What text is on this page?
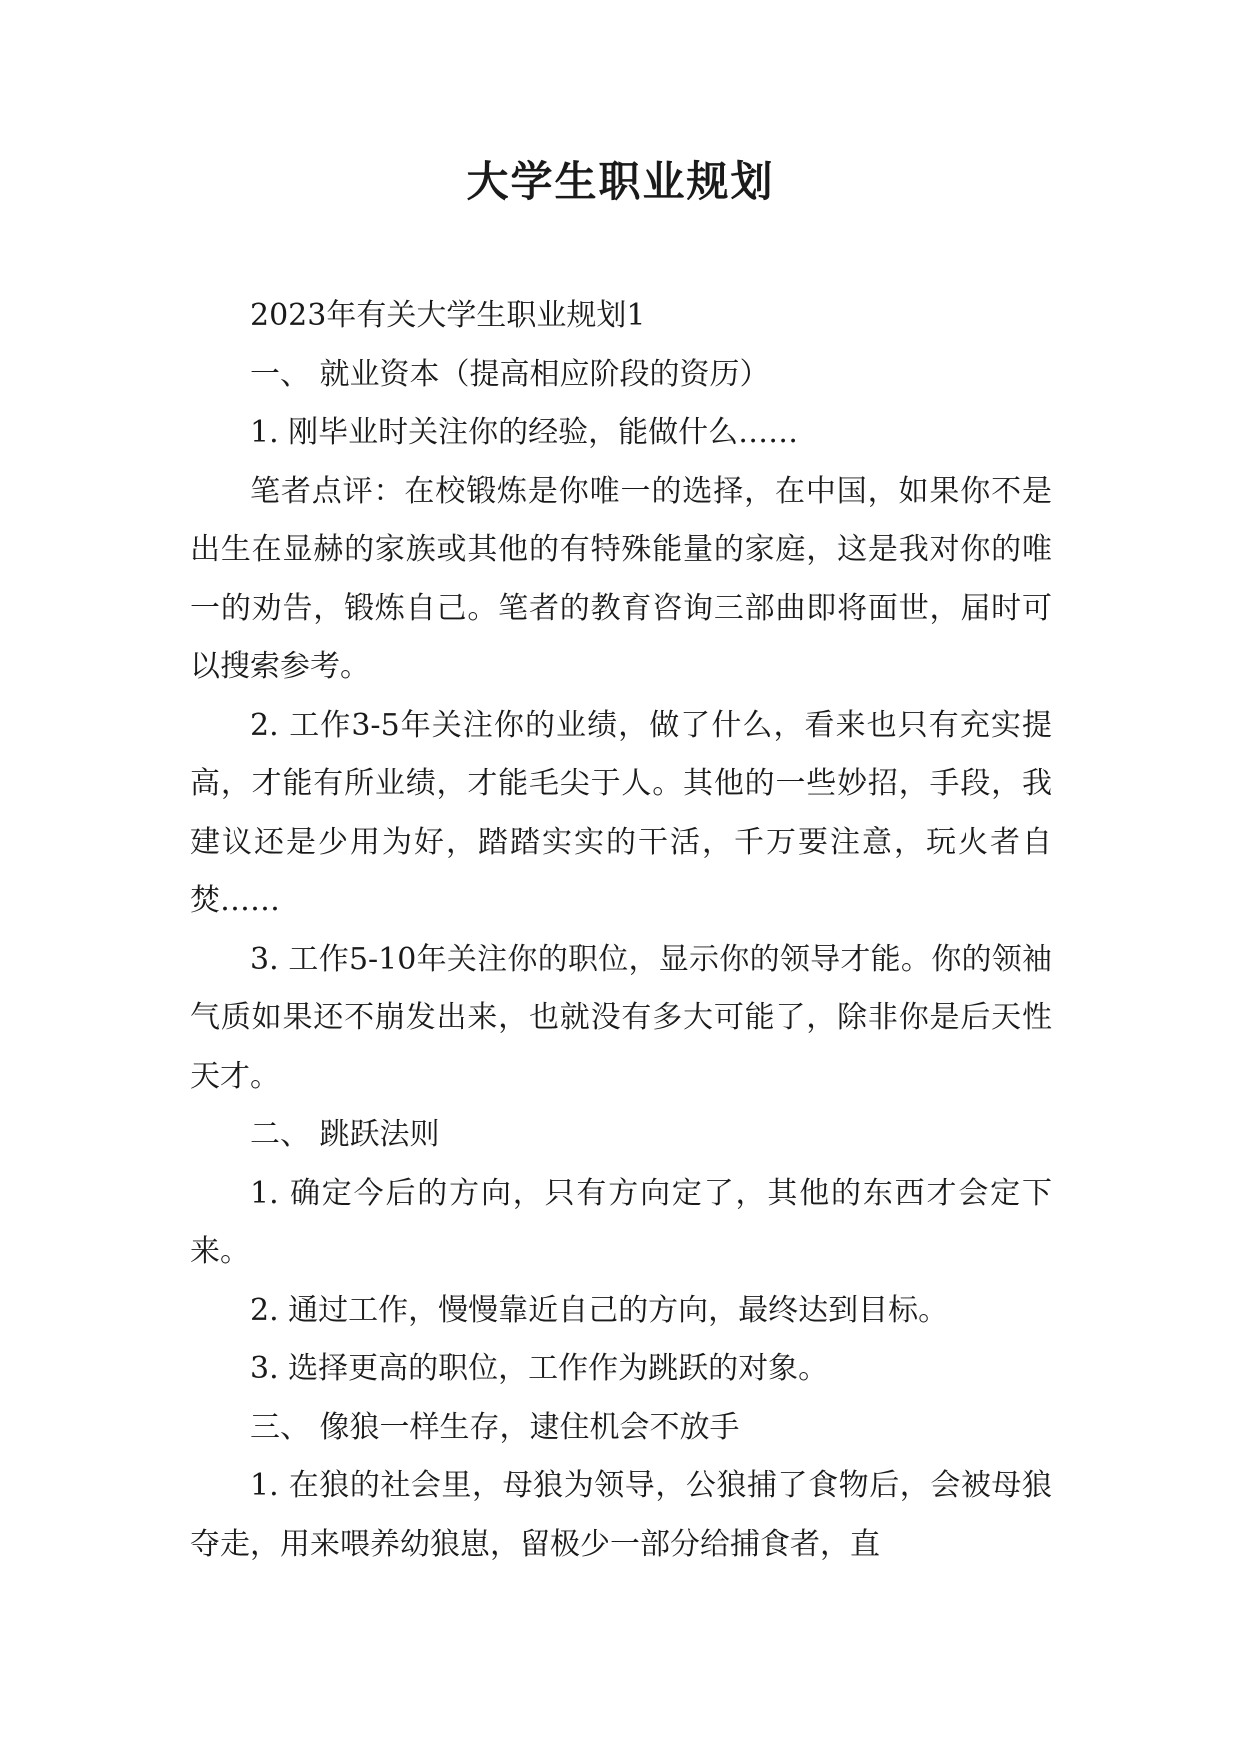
大学生职业规划

2023年有关大学生职业规划1

一、 就业资本（提高相应阶段的资历）

1. 刚毕业时关注你的经验，能做什么……

笔者点评：在校锻炼是你唯一的选择，在中国，如果你不是出生在显赫的家族或其他的有特殊能量的家庭，这是我对你的唯一的劝告，锻炼自己。笔者的教育咨询三部曲即将面世，届时可以搜索参考。

2. 工作3-5年关注你的业绩，做了什么，看来也只有充实提高，才能有所业绩，才能毛尖于人。其他的一些妙招，手段，我建议还是少用为好，踏踏实实的干活，千万要注意，玩火者自焚……

3. 工作5-10年关注你的职位，显示你的领导才能。你的领袖气质如果还不崩发出来，也就没有多大可能了，除非你是后天性天才。

二、 跳跃法则

1. 确定今后的方向，只有方向定了，其他的东西才会定下来。

2. 通过工作，慢慢靠近自己的方向，最终达到目标。

3. 选择更高的职位，工作作为跳跃的对象。

三、 像狼一样生存，逮住机会不放手

1. 在狼的社会里，母狼为领导，公狼捕了食物后，会被母狼夺走，用来喂养幼狼崽，留极少一部分给捕食者，直
